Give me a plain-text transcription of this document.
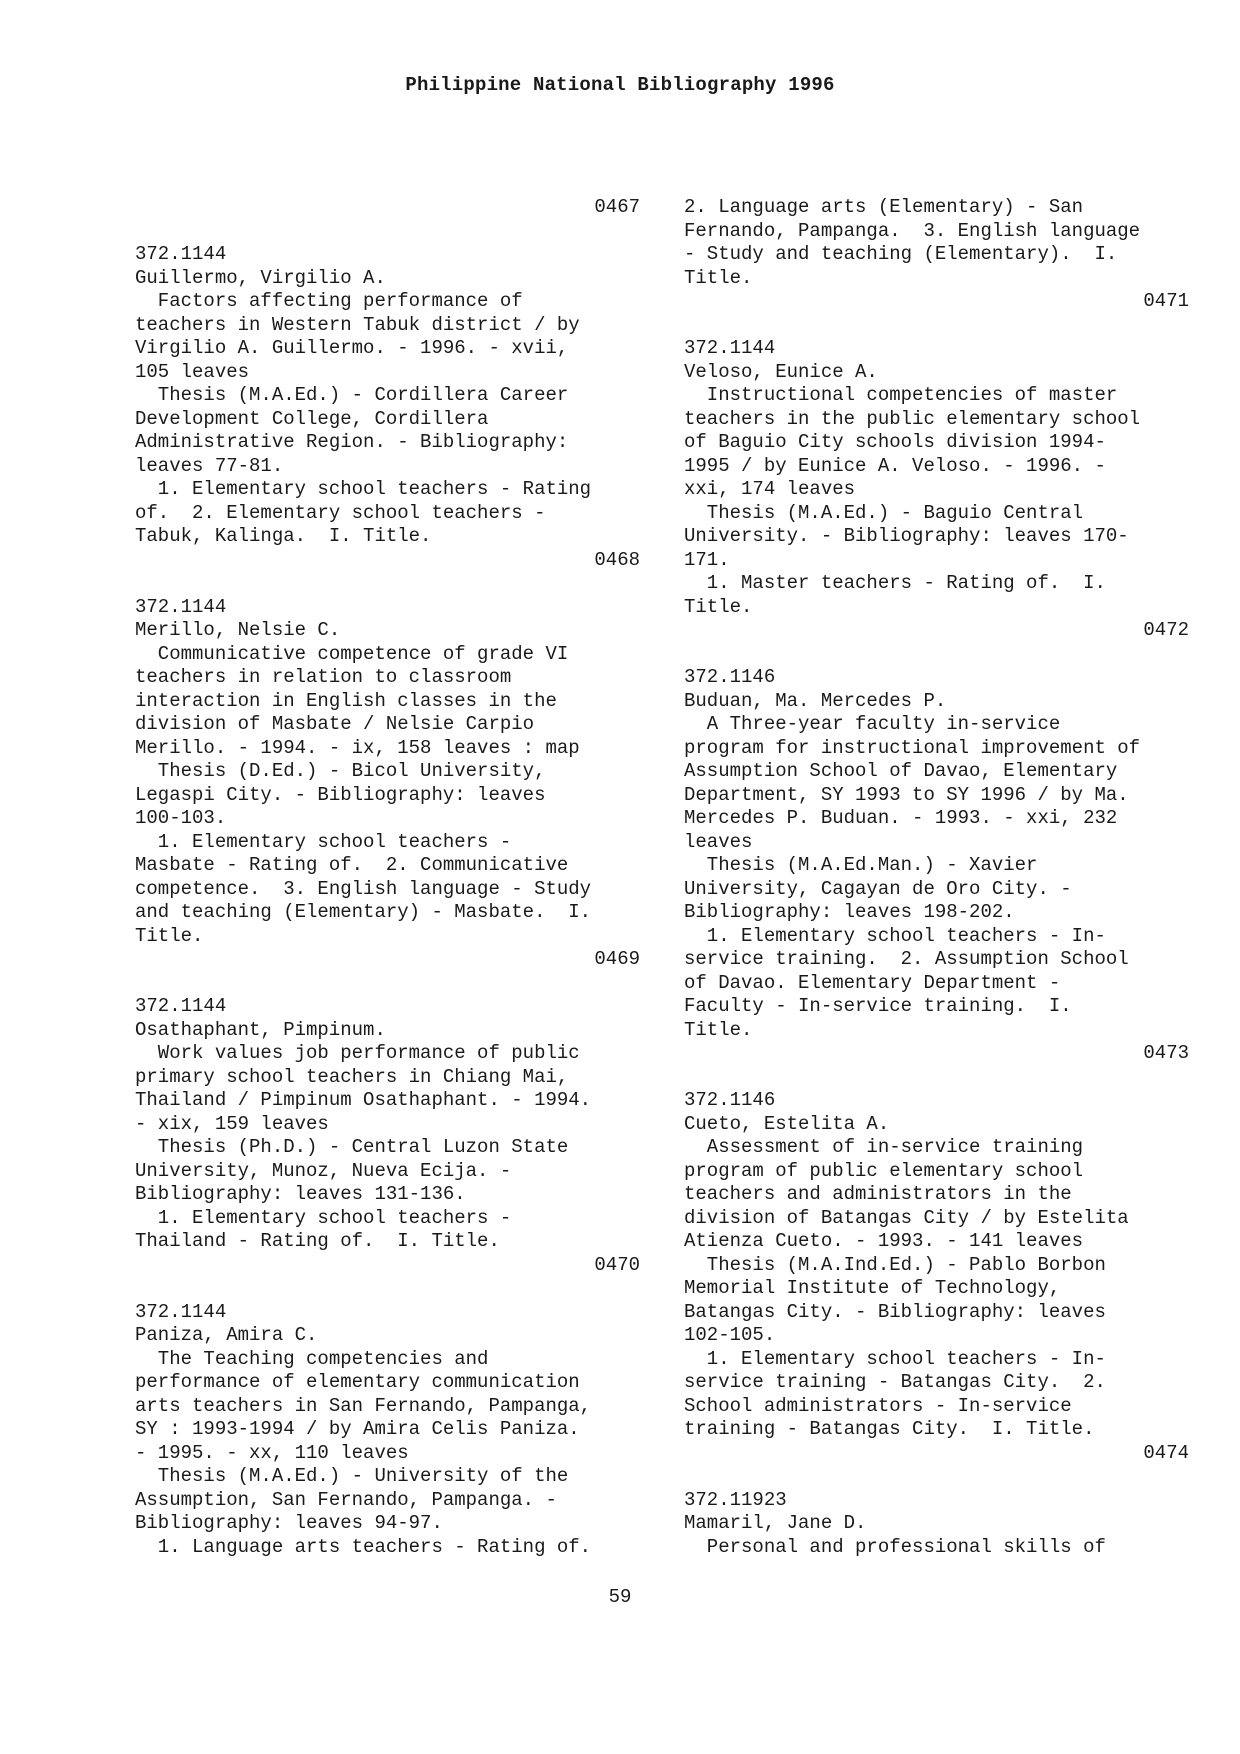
Philippine National Bibliography 1996
0467
372.1144
Guillermo, Virgilio A.
Factors affecting performance of
teachers in Western Tabuk district / by
Virgilio A. Guillermo. - 1996. - xvii,
105 leaves
Thesis (M.A.Ed.) - Cordillera Career
Development College, Cordillera
Administrative Region. - Bibliography:
leaves 77-81.
1. Elementary school teachers - Rating
of.  2. Elementary school teachers -
Tabuk, Kalinga.  I. Title.
0468
372.1144
Merillo, Nelsie C.
Communicative competence of grade VI
teachers in relation to classroom
interaction in English classes in the
division of Masbate / Nelsie Carpio
Merillo. - 1994. - ix, 158 leaves : map
Thesis (D.Ed.) - Bicol University,
Legaspi City. - Bibliography: leaves
100-103.
1. Elementary school teachers -
Masbate - Rating of.  2. Communicative
competence.  3. English language - Study
and teaching (Elementary) - Masbate.  I.
Title.
0469
372.1144
Osathaphant, Pimpinum.
Work values job performance of public
primary school teachers in Chiang Mai,
Thailand / Pimpinum Osathaphant. - 1994.
- xix, 159 leaves
Thesis (Ph.D.) - Central Luzon State
University, Munoz, Nueva Ecija. -
Bibliography: leaves 131-136.
1. Elementary school teachers -
Thailand - Rating of.  I. Title.
0470
372.1144
Paniza, Amira C.
The Teaching competencies and
performance of elementary communication
arts teachers in San Fernando, Pampanga,
SY : 1993-1994 / by Amira Celis Paniza.
- 1995. - xx, 110 leaves
Thesis (M.A.Ed.) - University of the
Assumption, San Fernando, Pampanga. -
Bibliography: leaves 94-97.
1. Language arts teachers - Rating of.
2. Language arts (Elementary) - San
Fernando, Pampanga.  3. English language
- Study and teaching (Elementary).  I.
Title.
0471
372.1144
Veloso, Eunice A.
Instructional competencies of master
teachers in the public elementary school
of Baguio City schools division 1994-
1995 / by Eunice A. Veloso. - 1996. -
xxi, 174 leaves
Thesis (M.A.Ed.) - Baguio Central
University. - Bibliography: leaves 170-
171.
1. Master teachers - Rating of.  I.
Title.
0472
372.1146
Buduan, Ma. Mercedes P.
A Three-year faculty in-service
program for instructional improvement of
Assumption School of Davao, Elementary
Department, SY 1993 to SY 1996 / by Ma.
Mercedes P. Buduan. - 1993. - xxi, 232
leaves
Thesis (M.A.Ed.Man.) - Xavier
University, Cagayan de Oro City. -
Bibliography: leaves 198-202.
1. Elementary school teachers - In-
service training.  2. Assumption School
of Davao. Elementary Department -
Faculty - In-service training.  I.
Title.
0473
372.1146
Cueto, Estelita A.
Assessment of in-service training
program of public elementary school
teachers and administrators in the
division of Batangas City / by Estelita
Atienza Cueto. - 1993. - 141 leaves
Thesis (M.A.Ind.Ed.) - Pablo Borbon
Memorial Institute of Technology,
Batangas City. - Bibliography: leaves
102-105.
1. Elementary school teachers - In-
service training - Batangas City.  2.
School administrators - In-service
training - Batangas City.  I. Title.
0474
372.11923
Mamaril, Jane D.
Personal and professional skills of
59
